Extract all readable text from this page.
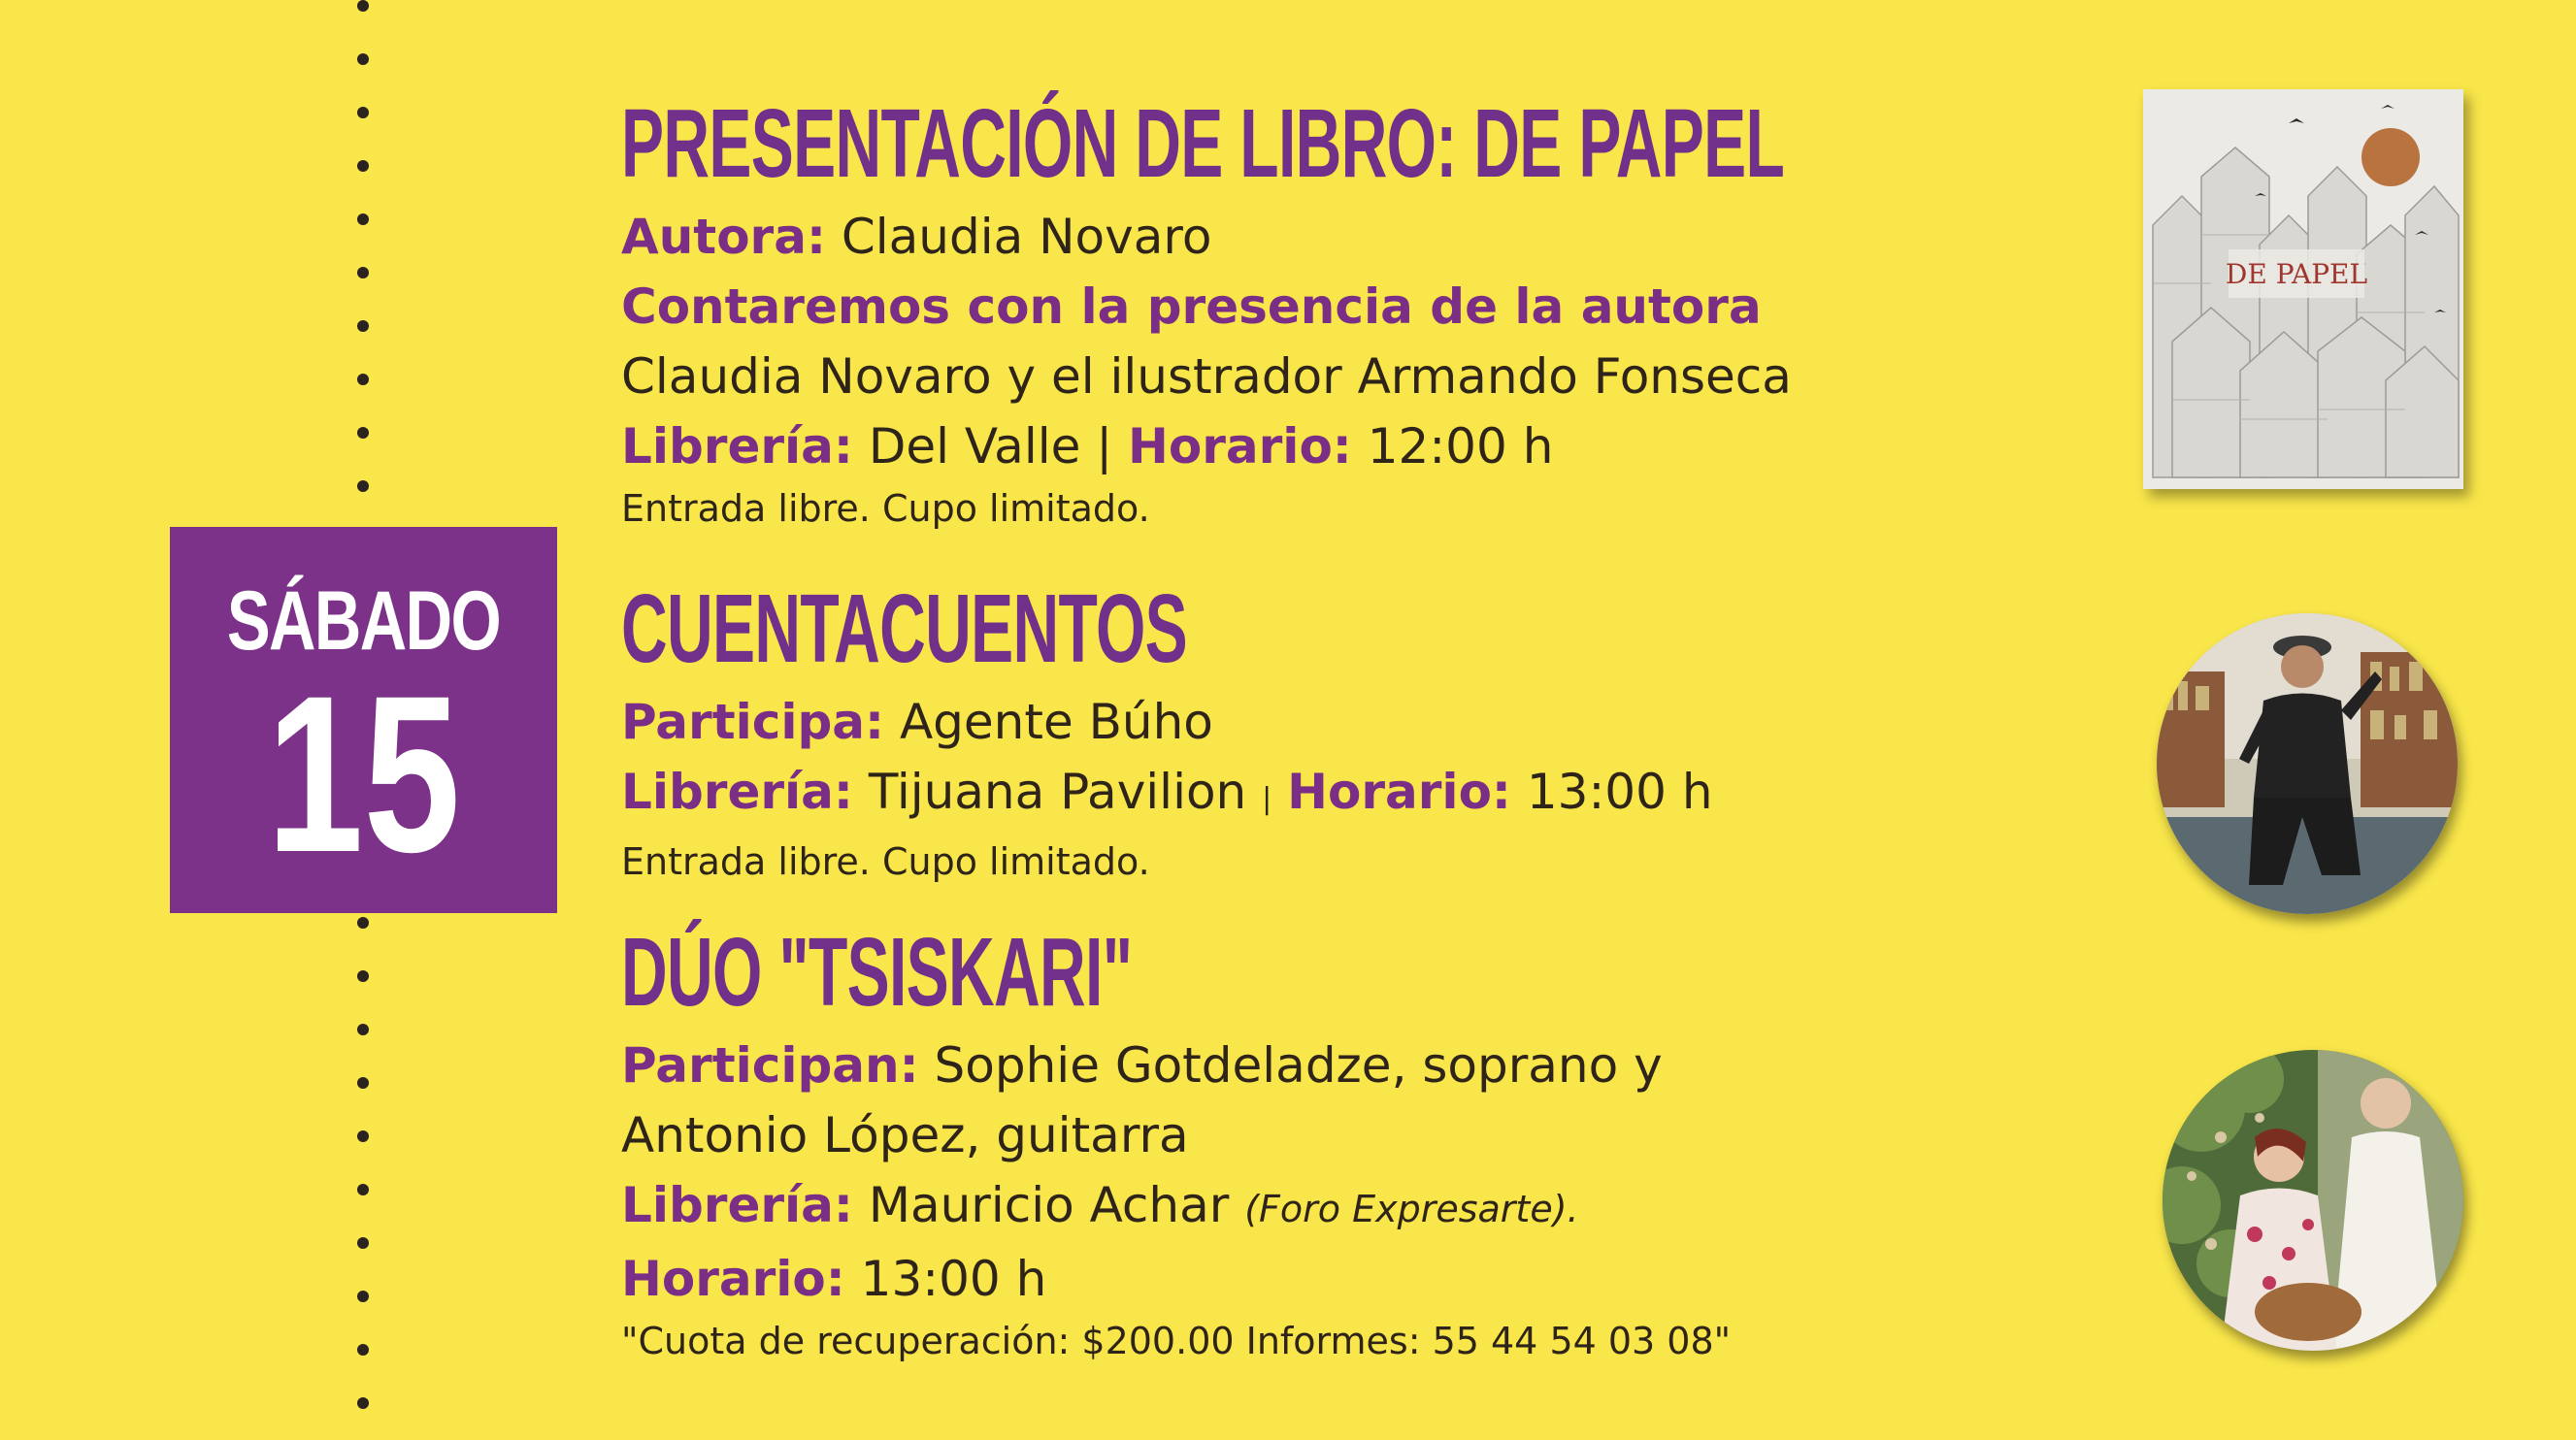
SÁBADO
15
PRESENTACIÓN DE LIBRO: DE PAPEL
Autora: Claudia Novaro
Contaremos con la presencia de la autora
Claudia Novaro y el ilustrador Armando Fonseca
Librería: Del Valle | Horario: 12:00 h
Entrada libre. Cupo limitado.
CUENTACUENTOS
Participa: Agente Búho
Librería: Tijuana Pavilion | Horario: 13:00 h
Entrada libre. Cupo limitado.
DÚO "TSISKARI"
Participan: Sophie Gotdeladze, soprano y
Antonio López, guitarra
Librería: Mauricio Achar (Foro Expresarte).
Horario: 13:00 h
"Cuota de recuperación: $200.00 Informes: 55 44 54 03 08"
DE PAPEL
